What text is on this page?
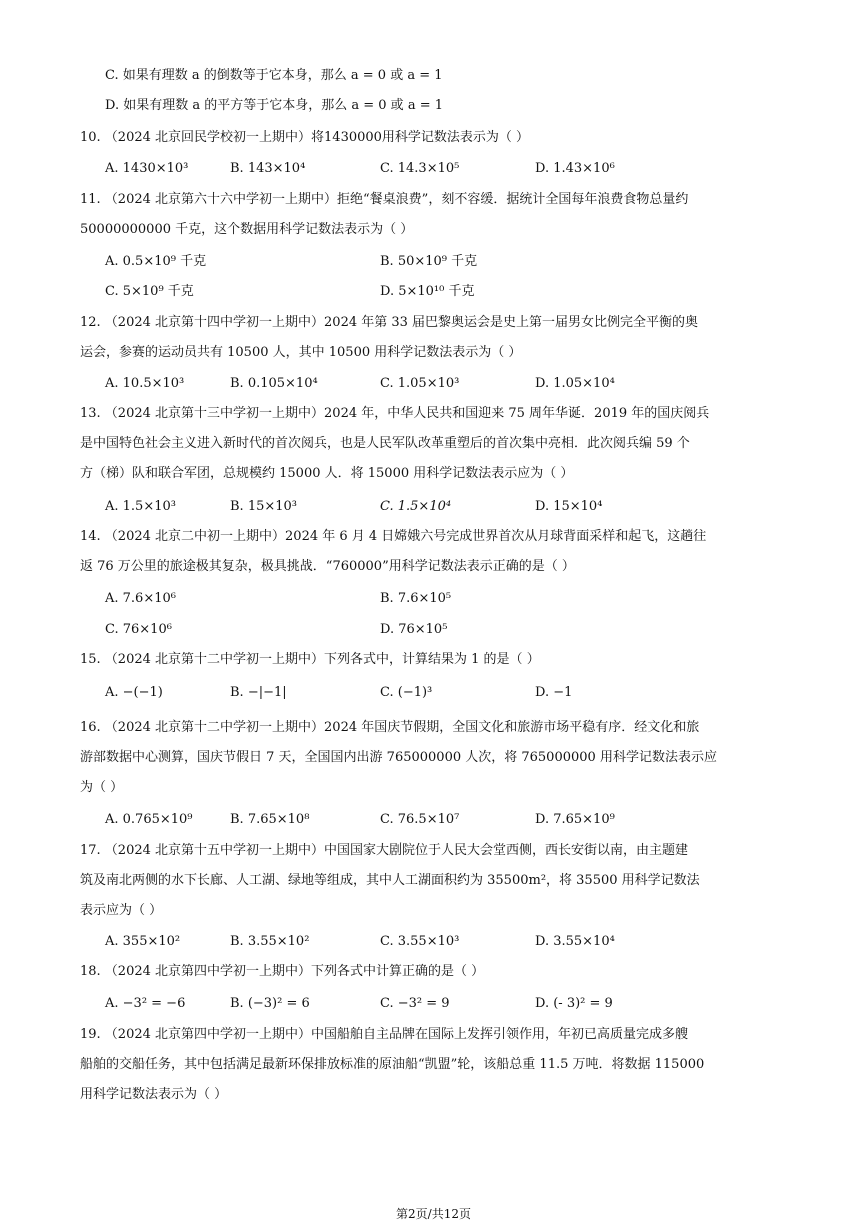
C. 如果有理数 a 的倒数等于它本身，那么 a = 0 或 a = 1
D. 如果有理数 a 的平方等于它本身，那么 a = 0 或 a = 1
10. （2024 北京回民学校初一上期中）将1430000用科学记数法表示为（ ）
A. 1430×10³	B. 143×10⁴	C. 14.3×10⁵	D. 1.43×10⁶
11. （2024 北京第六十六中学初一上期中）拒绝“餐桌浪费”，刻不容缓．据统计全国每年浪费食物总量约
50000000000 千克，这个数据用科学记数法表示为（ ）
A. 0.5×10⁹ 千克	B. 50×10⁹ 千克
C. 5×10⁹ 千克	D. 5×10¹⁰ 千克
12. （2024 北京第十四中学初一上期中）2024 年第 33 届巴黎奥运会是史上第一届男女比例完全平衡的奥
运会，参赛的运动员共有 10500 人，其中 10500 用科学记数法表示为（ ）
A. 10.5×10³	B. 0.105×10⁴	C. 1.05×10³	D. 1.05×10⁴
13. （2024 北京第十三中学初一上期中）2024 年，中华人民共和国迎来 75 周年华诞．2019 年的国庆阅兵
是中国特色社会主义进入新时代的首次阅兵，也是人民军队改革重塑后的首次集中亮相．此次阅兵编 59 个
方（梯）队和联合军团，总规模约 15000 人．将 15000 用科学记数法表示应为（ ）
A. 1.5×10³	B. 15×10³	C. 1.5×10⁴	D. 15×10⁴
14. （2024 北京二中初一上期中）2024 年 6 月 4 日嫦娥六号完成世界首次从月球背面采样和起飞，这趟往
返 76 万公里的旅途极其复杂，极具挑战．“760000”用科学记数法表示正确的是（ ）
A. 7.6×10⁶	B. 7.6×10⁵
C. 76×10⁶	D. 76×10⁵
15. （2024 北京第十二中学初一上期中）下列各式中，计算结果为 1 的是（ ）
A. −(−1)	B. −|−1|	C. (−1)³	D. −1
16. （2024 北京第十二中学初一上期中）2024 年国庆节假期，全国文化和旅游市场平稳有序．经文化和旅
游部数据中心测算，国庆节假日 7 天，全国国内出游 765000000 人次，将 765000000 用科学记数法表示应
为（ ）
A. 0.765×10⁹	B. 7.65×10⁸	C. 76.5×10⁷	D. 7.65×10⁹
17. （2024 北京第十五中学初一上期中）中国国家大剧院位于人民大会堂西侧，西长安街以南，由主题建
筑及南北两侧的水下长廊、人工湖、绿地等组成，其中人工湖面积约为 35500m²，将 35500 用科学记数法
表示应为（ ）
A. 355×10²	B. 3.55×10²	C. 3.55×10³	D. 3.55×10⁴
18. （2024 北京第四中学初一上期中）下列各式中计算正确的是（ ）
A. −3² = −6	B. (−3)² = 6	C. −3² = 9	D. (- 3)² = 9
19. （2024 北京第四中学初一上期中）中国船舶自主品牌在国际上发挥引领作用，年初已高质量完成多艘
船舶的交船任务，其中包括满足最新环保排放标准的原油船“凯盟”轮，该船总重 11.5 万吨．将数据 115000
用科学记数法表示为（ ）
第2页/共12页
